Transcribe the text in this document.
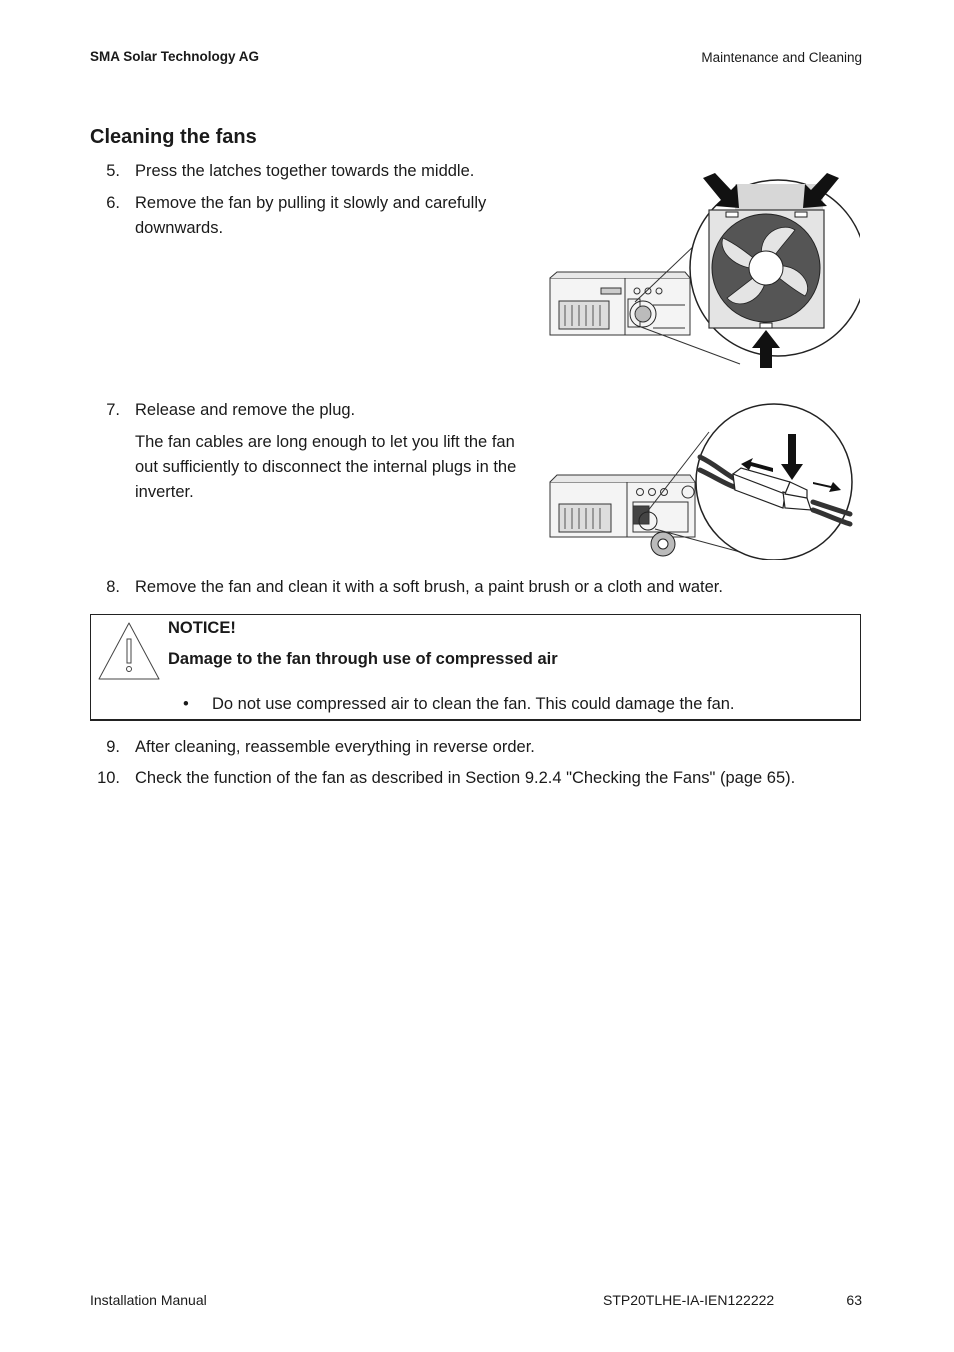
SMA Solar Technology AG	Maintenance and Cleaning
Cleaning the fans
5. Press the latches together towards the middle.
6. Remove the fan by pulling it slowly and carefully
downwards.
7. Release and remove the plug.
The fan cables are long enough to let you lift the fan
out sufficiently to disconnect the internal plugs in the
inverter.
8. Remove the fan and clean it with a soft brush, a paint brush or a cloth and water.
NOTICE!
Damage to the fan through use of compressed air
• Do not use compressed air to clean the fan. This could damage the fan.
9. After cleaning, reassemble everything in reverse order.
10. Check the function of the fan as described in Section 9.2.4 "Checking the Fans" (page 65).
Installation Manual	STP20TLHE-IA-IEN122222	63
